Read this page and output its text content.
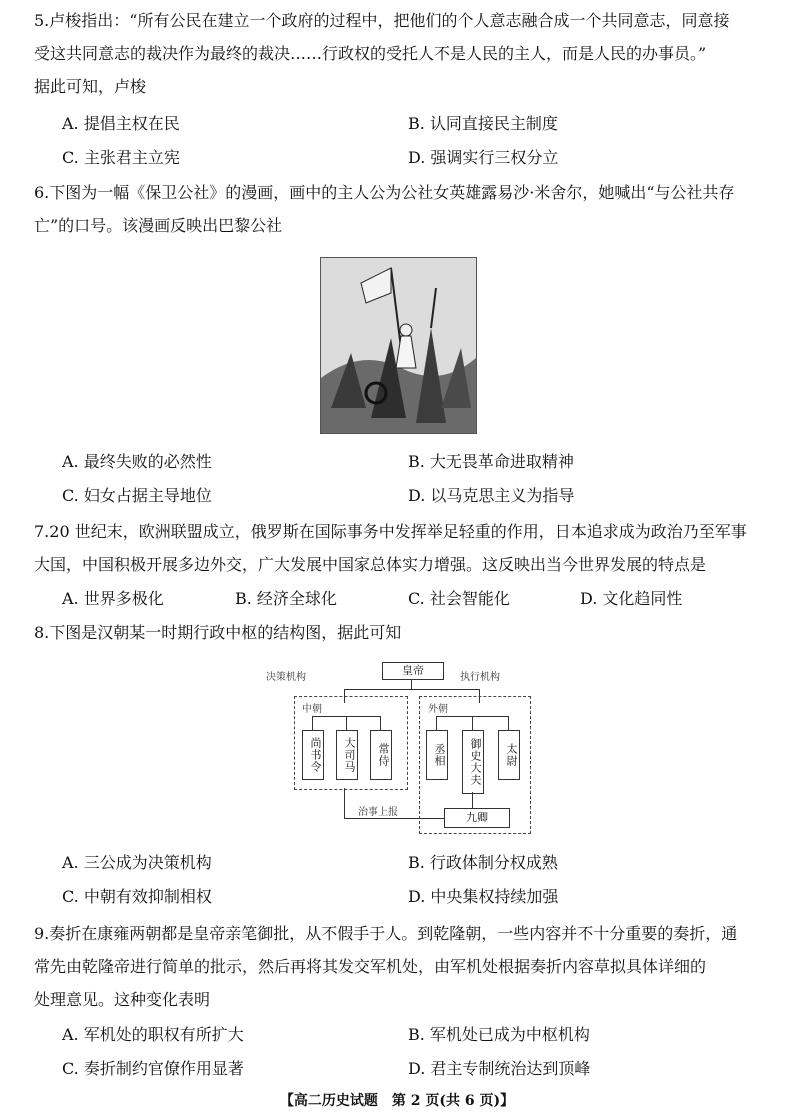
5.卢梭指出：“所有公民在建立一个政府的过程中，把他们的个人意志融合成一个共同意志，同意接
受这共同意志的裁决作为最终的裁决……行政权的受托人不是人民的主人，而是人民的办事员。”
据此可知，卢梭
A. 提倡主权在民	B. 认同直接民主制度
C. 主张君主立宪	D. 强调实行三权分立
6.下图为一幅《保卫公社》的漫画，画中的主人公为公社女英雄露易沙·米舍尔，她喊出“与公社共存
亡”的口号。该漫画反映出巴黎公社
A. 最终失败的必然性	B. 大无畏革命进取精神
C. 妇女占据主导地位	D. 以马克思主义为指导
7.20 世纪末，欧洲联盟成立，俄罗斯在国际事务中发挥举足轻重的作用，日本追求成为政治乃至军事
大国，中国积极开展多边外交，广大发展中国家总体实力增强。这反映出当今世界发展的特点是
A. 世界多极化	B. 经济全球化	C. 社会智能化	D. 文化趋同性
8.下图是汉朝某一时期行政中枢的结构图，据此可知
决策机构	执行机构
皇帝
中朝	外朝
尚书令	大司马	常侍	丞相	御史大夫	太尉
治事上报	九卿
A. 三公成为决策机构	B. 行政体制分权成熟
C. 中朝有效抑制相权	D. 中央集权持续加强
9.奏折在康雍两朝都是皇帝亲笔御批，从不假手于人。到乾隆朝，一些内容并不十分重要的奏折，通
常先由乾隆帝进行简单的批示，然后再将其发交军机处，由军机处根据奏折内容草拟具体详细的
处理意见。这种变化表明
A. 军机处的职权有所扩大	B. 军机处已成为中枢机构
C. 奏折制约官僚作用显著	D. 君主专制统治达到顶峰
【高二历史试题　第 2 页(共 6 页)】
